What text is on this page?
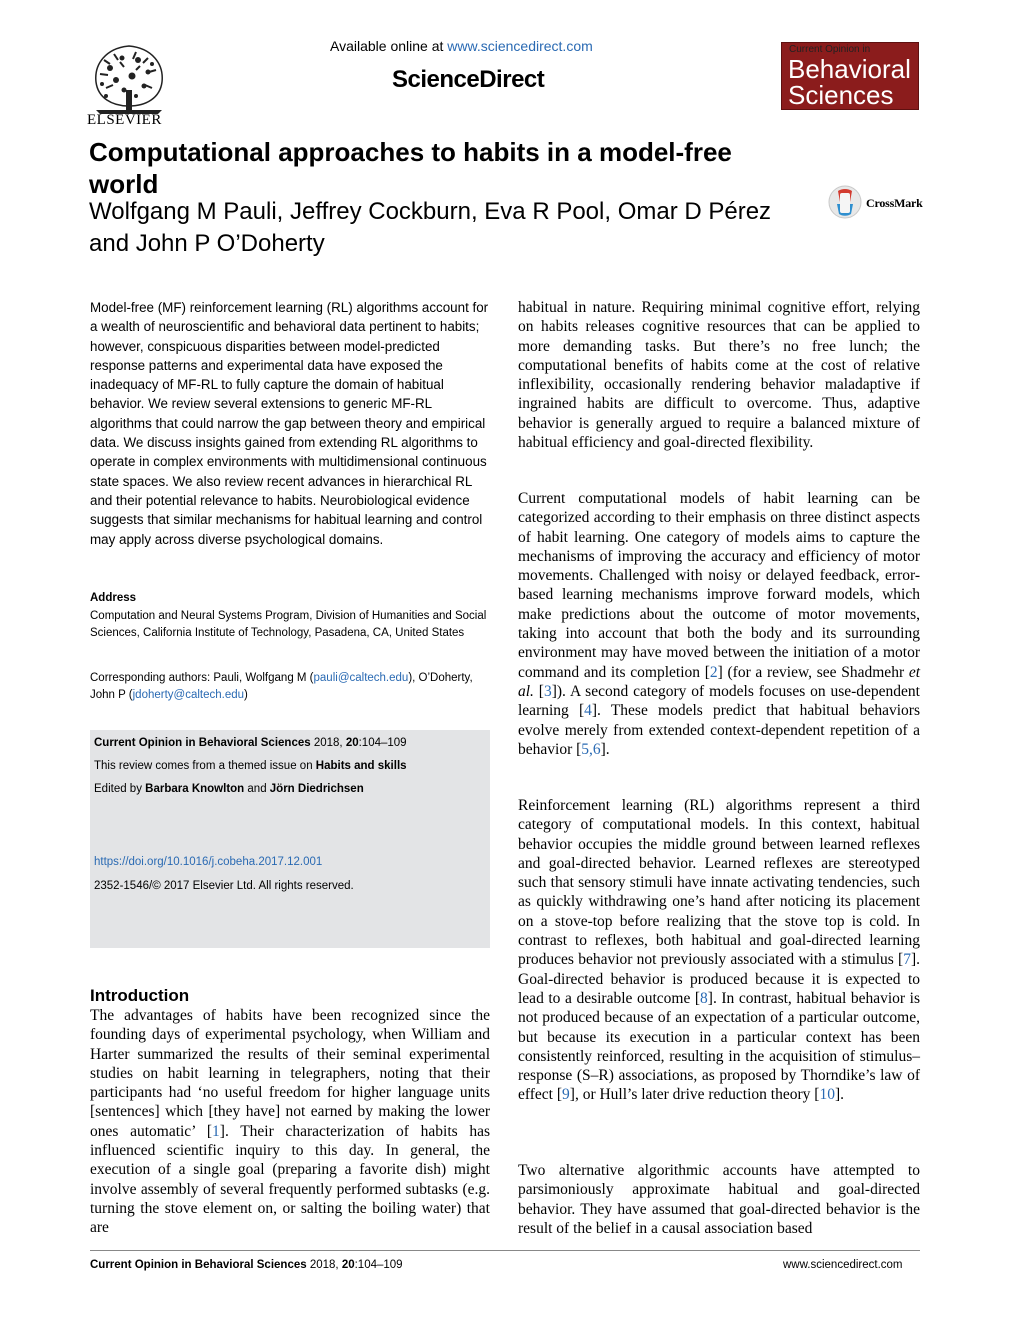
ELSEVIER
Available online at www.sciencedirect.com
ScienceDirect
Current Opinion in
Behavioral
Sciences
Computational approaches to habits in a model-free world
Wolfgang M Pauli, Jeffrey Cockburn, Eva R Pool, Omar D Pérez and John P O’Doherty
CrossMark
Model-free (MF) reinforcement learning (RL) algorithms account for a wealth of neuroscientific and behavioral data pertinent to habits; however, conspicuous disparities between model-predicted response patterns and experimental data have exposed the inadequacy of MF-RL to fully capture the domain of habitual behavior. We review several extensions to generic MF-RL algorithms that could narrow the gap between theory and empirical data. We discuss insights gained from extending RL algorithms to operate in complex environments with multidimensional continuous state spaces. We also review recent advances in hierarchical RL and their potential relevance to habits. Neurobiological evidence suggests that similar mechanisms for habitual learning and control may apply across diverse psychological domains.
Address
Computation and Neural Systems Program, Division of Humanities and Social Sciences, California Institute of Technology, Pasadena, CA, United States
Corresponding authors: Pauli, Wolfgang M (pauli@caltech.edu), O’Doherty, John P (jdoherty@caltech.edu)
Current Opinion in Behavioral Sciences 2018, 20:104–109
This review comes from a themed issue on Habits and skills
Edited by Barbara Knowlton and Jörn Diedrichsen
https://doi.org/10.1016/j.cobeha.2017.12.001
2352-1546/© 2017 Elsevier Ltd. All rights reserved.
Introduction
The advantages of habits have been recognized since the founding days of experimental psychology, when William and Harter summarized the results of their seminal experimental studies on habit learning in telegraphers, noting that their participants had ‘no useful freedom for higher language units [sentences] which [they have] not earned by making the lower ones automatic’ [1]. Their characterization of habits has influenced scientific inquiry to this day. In general, the execution of a single goal (preparing a favorite dish) might involve assembly of several frequently performed subtasks (e.g. turning the stove element on, or salting the boiling water) that are
habitual in nature. Requiring minimal cognitive effort, relying on habits releases cognitive resources that can be applied to more demanding tasks. But there’s no free lunch; the computational benefits of habits come at the cost of relative inflexibility, occasionally rendering behavior maladaptive if ingrained habits are difficult to overcome. Thus, adaptive behavior is generally argued to require a balanced mixture of habitual efficiency and goal-directed flexibility.
Current computational models of habit learning can be categorized according to their emphasis on three distinct aspects of habit learning. One category of models aims to capture the mechanisms of improving the accuracy and efficiency of motor movements. Challenged with noisy or delayed feedback, error-based learning mechanisms improve forward models, which make predictions about the outcome of motor movements, taking into account that both the body and its surrounding environment may have moved between the initiation of a motor command and its completion [2] (for a review, see Shadmehr et al. [3]). A second category of models focuses on use-dependent learning [4]. These models predict that habitual behaviors evolve merely from extended context-dependent repetition of a behavior [5,6].
Reinforcement learning (RL) algorithms represent a third category of computational models. In this context, habitual behavior occupies the middle ground between learned reflexes and goal-directed behavior. Learned reflexes are stereotyped such that sensory stimuli have innate activating tendencies, such as quickly withdrawing one’s hand after noticing its placement on a stove-top before realizing that the stove top is cold. In contrast to reflexes, both habitual and goal-directed learning produces behavior not previously associated with a stimulus [7]. Goal-directed behavior is produced because it is expected to lead to a desirable outcome [8]. In contrast, habitual behavior is not produced because of an expectation of a particular outcome, but because its execution in a particular context has been consistently reinforced, resulting in the acquisition of stimulus–response (S–R) associations, as proposed by Thorndike’s law of effect [9], or Hull’s later drive reduction theory [10].
Two alternative algorithmic accounts have attempted to parsimoniously approximate habitual and goal-directed behavior. They have assumed that goal-directed behavior is the result of the belief in a causal association based
Current Opinion in Behavioral Sciences 2018, 20:104–109	www.sciencedirect.com
